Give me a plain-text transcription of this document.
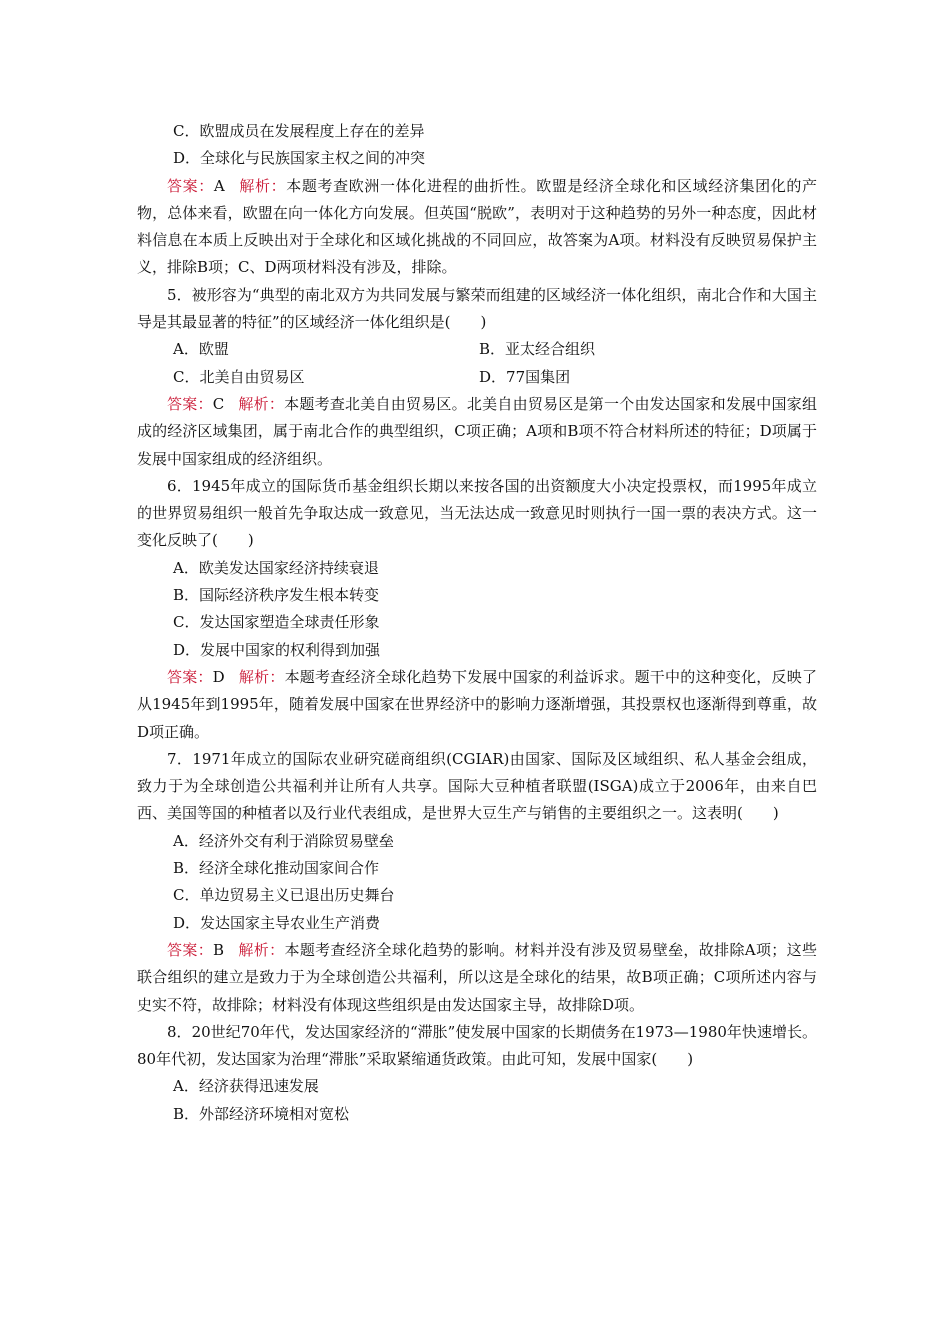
C．欧盟成员在发展程度上存在的差异
D．全球化与民族国家主权之间的冲突
答案：A 解析：本题考查欧洲一体化进程的曲折性。欧盟是经济全球化和区域经济集团化的产物，总体来看，欧盟在向一体化方向发展。但英国“脱欧”，表明对于这种趋势的另外一种态度，因此材料信息在本质上反映出对于全球化和区域化挑战的不同回应，故答案为A项。材料没有反映贸易保护主义，排除B项；C、D两项材料没有涉及，排除。
5．被形容为“典型的南北双方为共同发展与繁荣而组建的区域经济一体化组织，南北合作和大国主导是其最显著的特征”的区域经济一体化组织是(　　)
A．欧盟	B．亚太经合组织
C．北美自由贸易区	D．77国集团
答案：C 解析：本题考查北美自由贸易区。北美自由贸易区是第一个由发达国家和发展中国家组成的经济区域集团，属于南北合作的典型组织，C项正确；A项和B项不符合材料所述的特征；D项属于发展中国家组成的经济组织。
6．1945年成立的国际货币基金组织长期以来按各国的出资额度大小决定投票权，而1995年成立的世界贸易组织一般首先争取达成一致意见，当无法达成一致意见时则执行一国一票的表决方式。这一变化反映了(　　)
A．欧美发达国家经济持续衰退
B．国际经济秩序发生根本转变
C．发达国家塑造全球责任形象
D．发展中国家的权利得到加强
答案：D 解析：本题考查经济全球化趋势下发展中国家的利益诉求。题干中的这种变化，反映了从1945年到1995年，随着发展中国家在世界经济中的影响力逐渐增强，其投票权也逐渐得到尊重，故D项正确。
7．1971年成立的国际农业研究磋商组织(CGIAR)由国家、国际及区域组织、私人基金会组成，致力于为全球创造公共福利并让所有人共享。国际大豆种植者联盟(ISGA)成立于2006年，由来自巴西、美国等国的种植者以及行业代表组成，是世界大豆生产与销售的主要组织之一。这表明(　　)
A．经济外交有利于消除贸易壁垒
B．经济全球化推动国家间合作
C．单边贸易主义已退出历史舞台
D．发达国家主导农业生产消费
答案：B 解析：本题考查经济全球化趋势的影响。材料并没有涉及贸易壁垒，故排除A项；这些联合组织的建立是致力于为全球创造公共福利，所以这是全球化的结果，故B项正确；C项所述内容与史实不符，故排除；材料没有体现这些组织是由发达国家主导，故排除D项。
8．20世纪70年代，发达国家经济的“滞胀”使发展中国家的长期债务在1973—1980年快速增长。80年代初，发达国家为治理“滞胀”采取紧缩通货政策。由此可知，发展中国家(　　)
A．经济获得迅速发展
B．外部经济环境相对宽松
